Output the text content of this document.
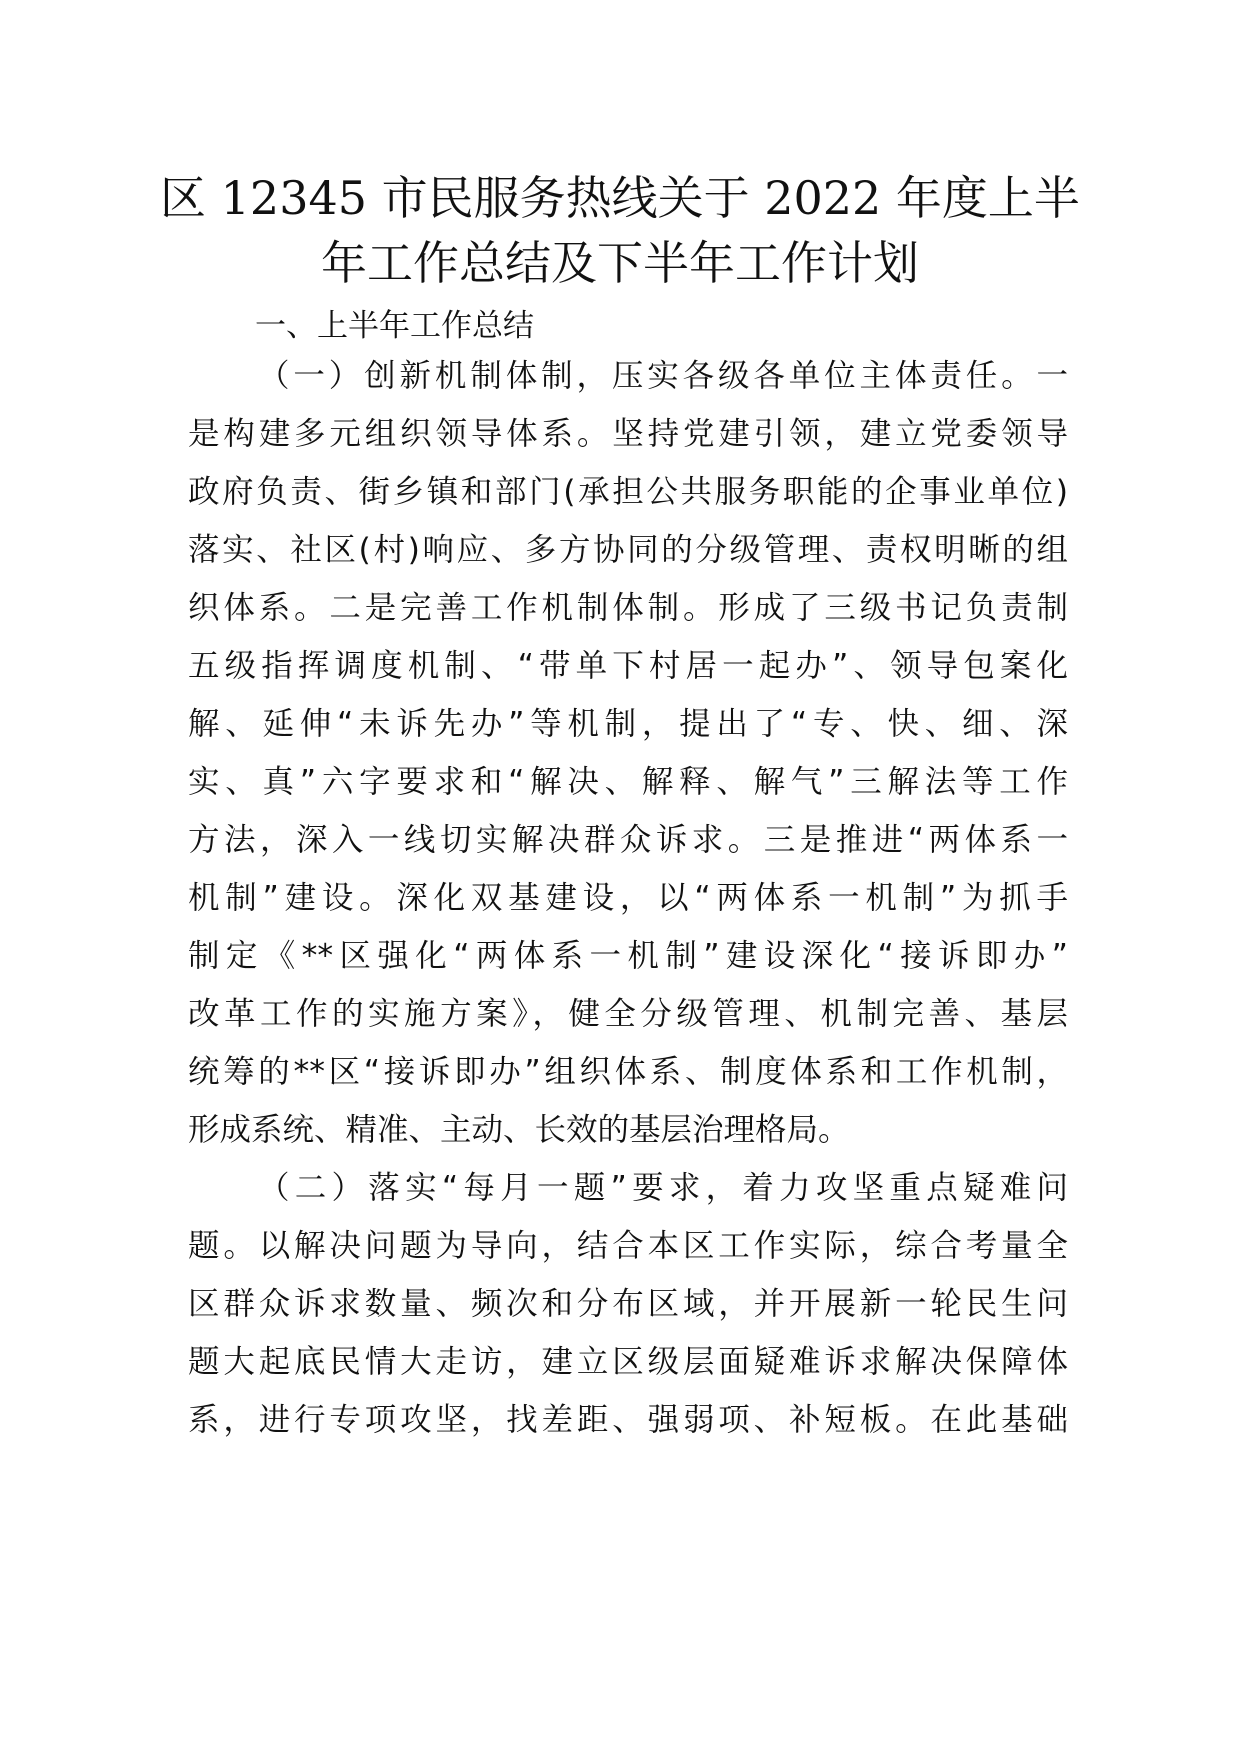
区 12345 市民服务热线关于 2022 年度上半
年工作总结及下半年工作计划
一、上半年工作总结
（一）创新机制体制，压实各级各单位主体责任。一
是构建多元组织领导体系。坚持党建引领，建立党委领导
政府负责、街乡镇和部门(承担公共服务职能的企事业单位)
落实、社区(村)响应、多方协同的分级管理、责权明晰的组
织体系。二是完善工作机制体制。形成了三级书记负责制
五级指挥调度机制、“带单下村居一起办”、领导包案化
解、延伸“未诉先办”等机制，提出了“专、快、细、深
实、真”六字要求和“解决、解释、解气”三解法等工作
方法，深入一线切实解决群众诉求。三是推进“两体系一
机制”建设。深化双基建设，以“两体系一机制”为抓手
制定《**区强化“两体系一机制”建设深化“接诉即办”
改革工作的实施方案》，健全分级管理、机制完善、基层
统筹的**区“接诉即办”组织体系、制度体系和工作机制，
形成系统、精准、主动、长效的基层治理格局。
（二）落实“每月一题”要求，着力攻坚重点疑难问
题。以解决问题为导向，结合本区工作实际，综合考量全
区群众诉求数量、频次和分布区域，并开展新一轮民生问
题大起底民情大走访，建立区级层面疑难诉求解决保障体
系，进行专项攻坚，找差距、强弱项、补短板。在此基础
